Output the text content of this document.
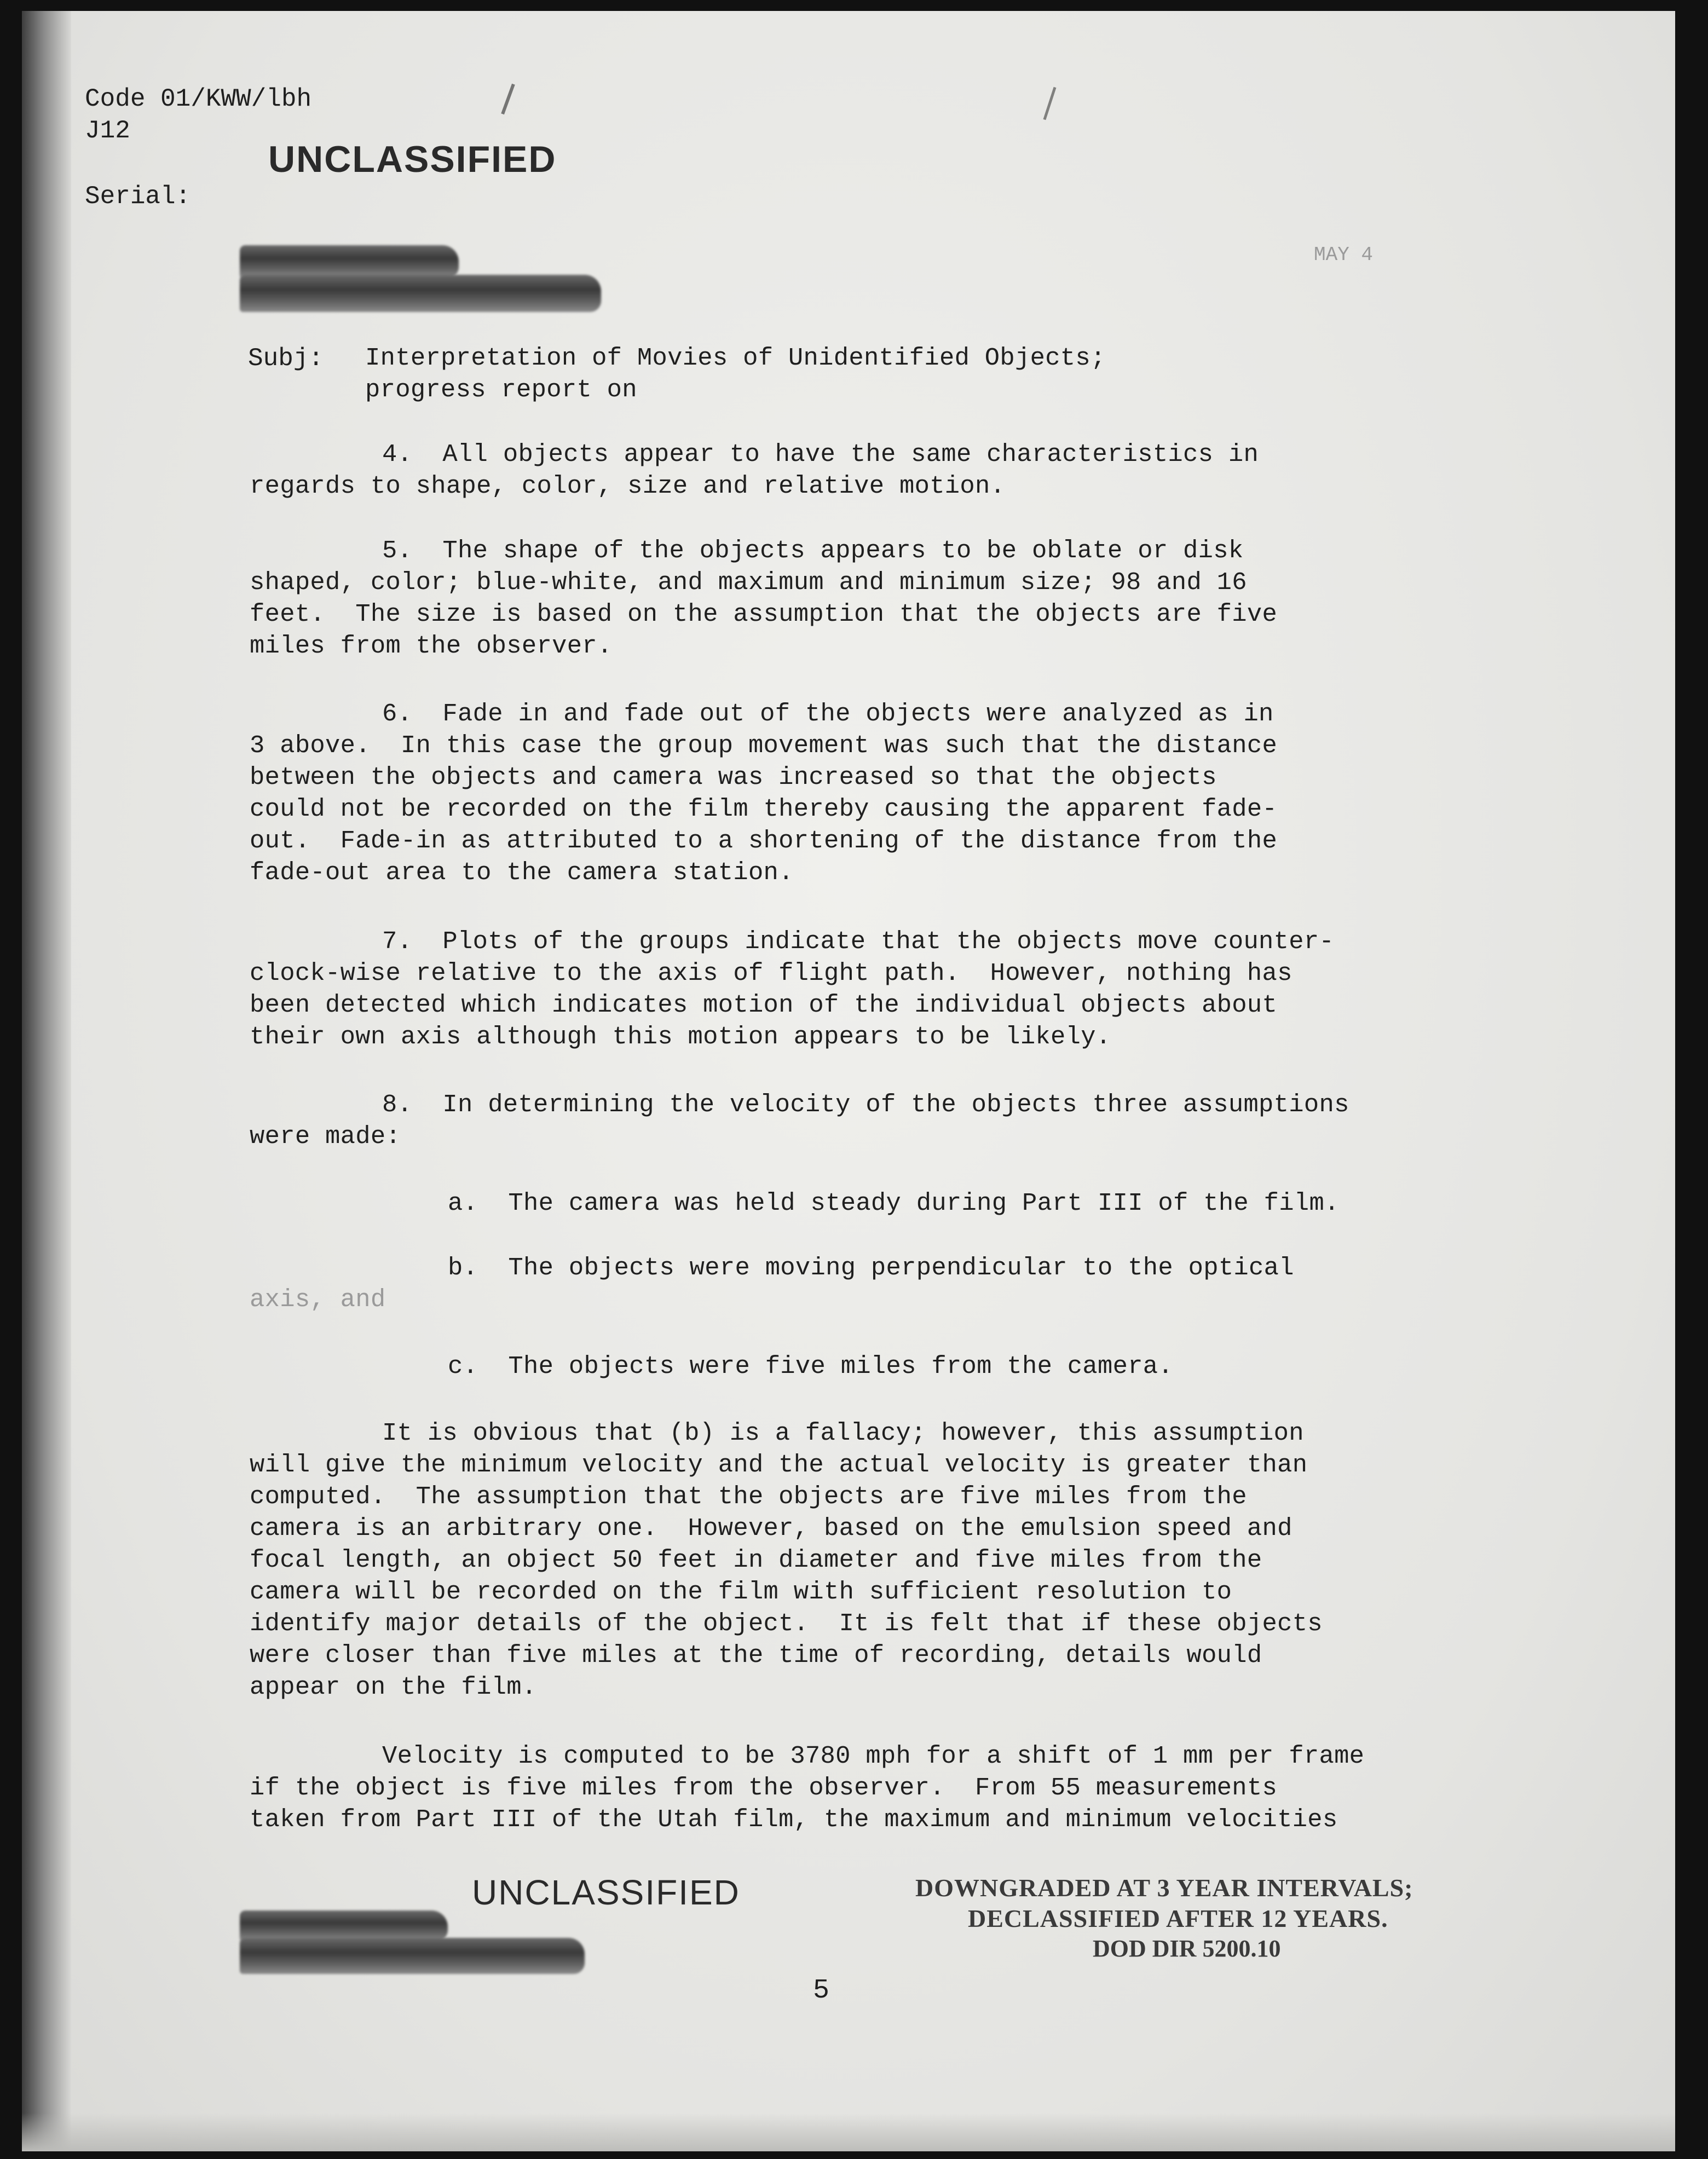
Code 01/KWW/lbh
J12
Serial:
UNCLASSIFIED
MAY 4
Subj: Interpretation of Movies of Unidentified Objects;
progress report on
4.  All objects appear to have the same characteristics in
regards to shape, color, size and relative motion.
5.  The shape of the objects appears to be oblate or disk
shaped, color; blue-white, and maximum and minimum size; 98 and 16
feet.  The size is based on the assumption that the objects are five
miles from the observer.
6.  Fade in and fade out of the objects were analyzed as in
3 above.  In this case the group movement was such that the distance
between the objects and camera was increased so that the objects
could not be recorded on the film thereby causing the apparent fade-
out.  Fade-in as attributed to a shortening of the distance from the
fade-out area to the camera station.
7.  Plots of the groups indicate that the objects move counter-
clock-wise relative to the axis of flight path.  However, nothing has
been detected which indicates motion of the individual objects about
their own axis although this motion appears to be likely.
8.  In determining the velocity of the objects three assumptions
were made:
a.  The camera was held steady during Part III of the film.
b.  The objects were moving perpendicular to the optical
axis, and
c.  The objects were five miles from the camera.
It is obvious that (b) is a fallacy; however, this assumption
will give the minimum velocity and the actual velocity is greater than
computed.  The assumption that the objects are five miles from the
camera is an arbitrary one.  However, based on the emulsion speed and
focal length, an object 50 feet in diameter and five miles from the
camera will be recorded on the film with sufficient resolution to
identify major details of the object.  It is felt that if these objects
were closer than five miles at the time of recording, details would
appear on the film.
Velocity is computed to be 3780 mph for a shift of 1 mm per frame
if the object is five miles from the observer.  From 55 measurements
taken from Part III of the Utah film, the maximum and minimum velocities
UNCLASSIFIED	DOWNGRADED AT 3 YEAR INTERVALS;
DECLASSIFIED AFTER 12 YEARS.
DOD DIR 5200.10
5
